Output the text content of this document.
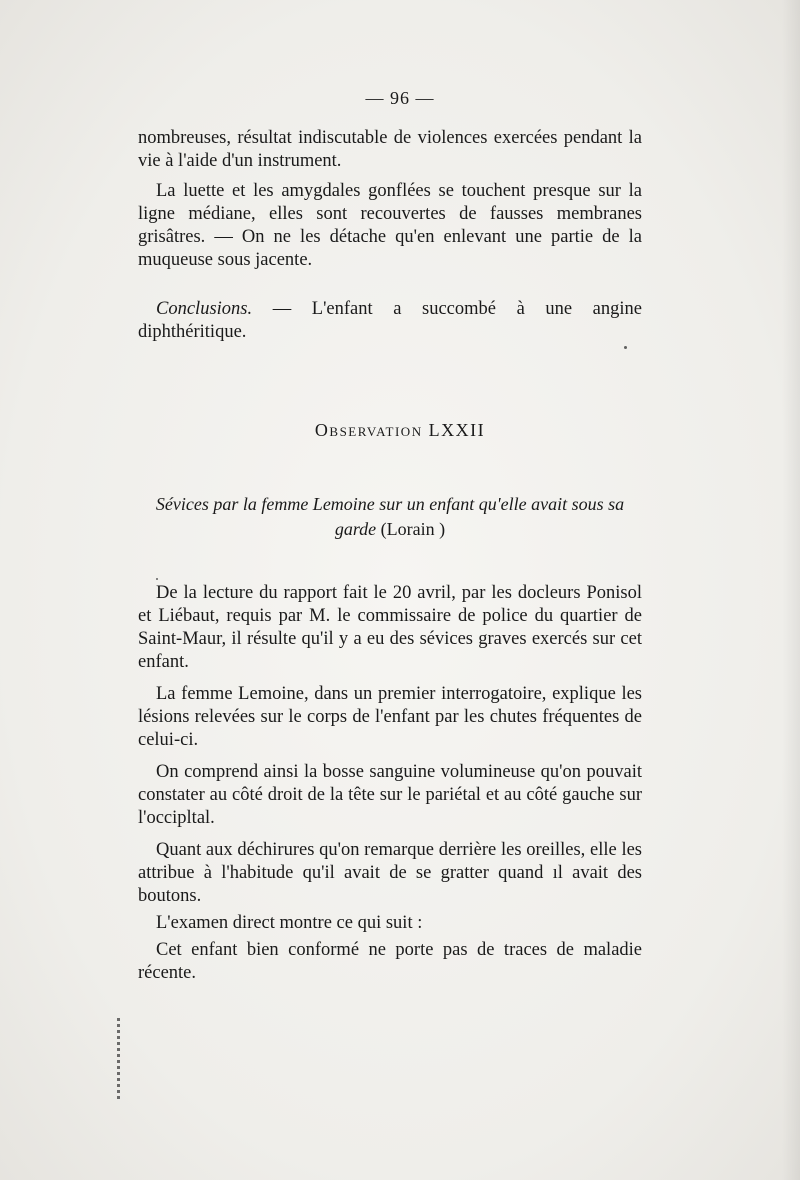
— 96 —

nombreuses, résultat indiscutable de violences exercées pendant la vie à l'aide d'un instrument.

La luette et les amygdales gonflées se touchent presque sur la ligne médiane, elles sont recouvertes de fausses membranes grisâtres. — On ne les détache qu'en enlevant une partie de la muqueuse sous jacente.

Conclusions. — L'enfant a succombé à une angine diphthéritique.

Observation LXXII
Sévices par la femme Lemoine sur un enfant qu'elle avait sous sa garde (Lorain )

De la lecture du rapport fait le 20 avril, par les docleurs Ponisol et Liébaut, requis par M. le commissaire de police du quartier de Saint-Maur, il résulte qu'il y a eu des sévices graves exercés sur cet enfant.

La femme Lemoine, dans un premier interrogatoire, explique les lésions relevées sur le corps de l'enfant par les chutes fréquentes de celui-ci.

On comprend ainsi la bosse sanguine volumineuse qu'on pouvait constater au côté droit de la tête sur le pariétal et au côté gauche sur l'occipltal.

Quant aux déchirures qu'on remarque derrière les oreilles, elle les attribue à l'habitude qu'il avait de se gratter quand ıl avait des boutons.

L'examen direct montre ce qui suit :

Cet enfant bien conformé ne porte pas de traces de maladie récente.
